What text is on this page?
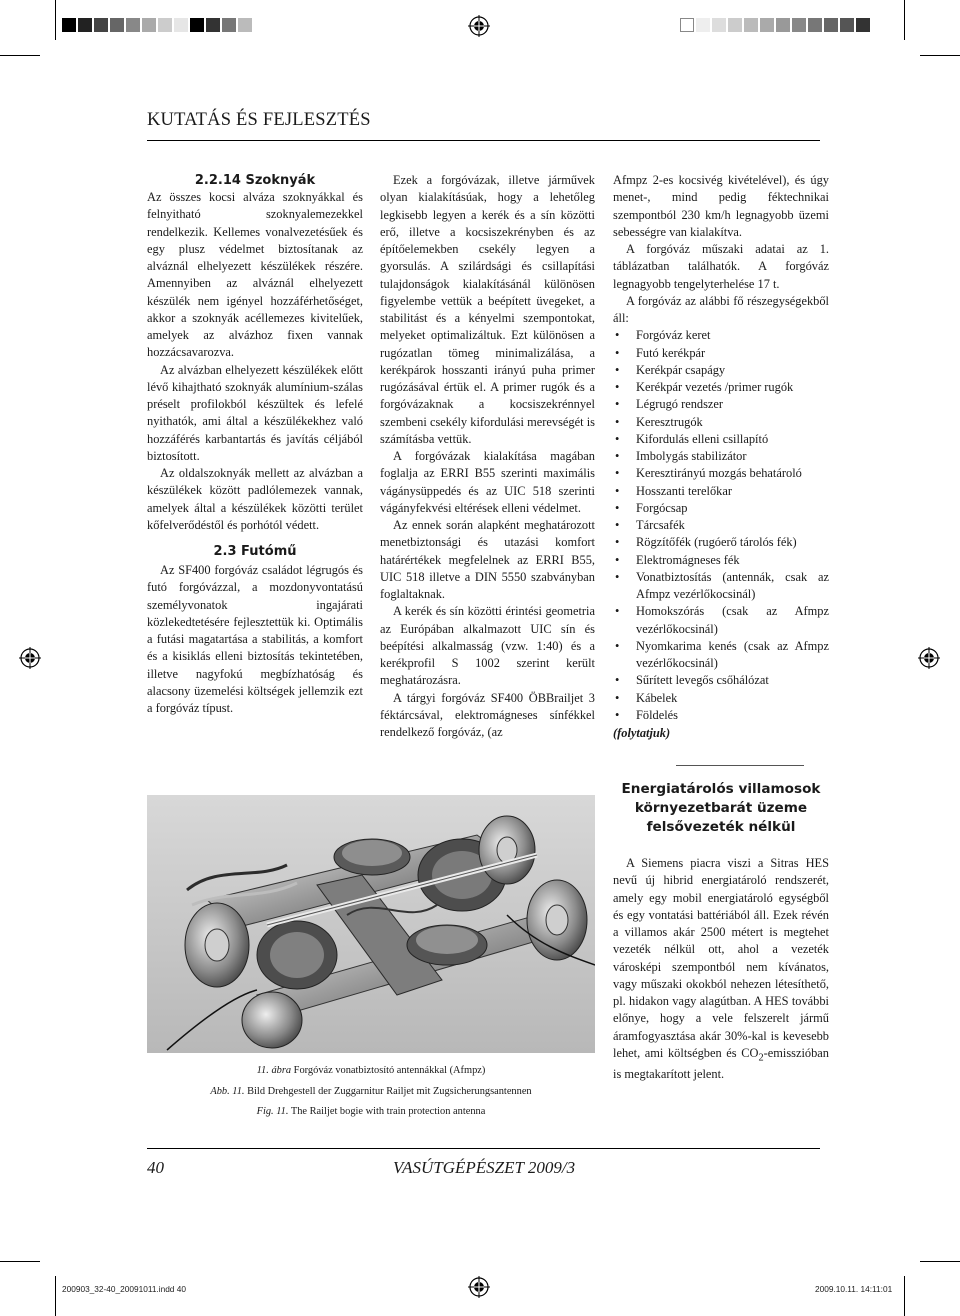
KUTATÁS ÉS FEJLESZTÉS
2.2.14 Szoknyák

Az összes kocsi alváza szoknyákkal és felnyitható szoknyalemezekkel rendelkezik. Kellemes vonalvezetésűek és egy plusz védelmet biztosítanak az alváznál elhelyezett készülékek részére. Amennyiben az alváznál elhelyezett készülék nem igényel hozzáférhetőséget, akkor a szoknyák acéllemezes kivitelűek, amelyek az alvázhoz fixen vannak hozzácsavarozva.

Az alvázban elhelyezett készülékek előtt lévő kihajtható szoknyák alumínium-szálas préselt profilokból készültek és lefelé nyithatók, ami által a készülékekhez való hozzáférés karbantartás és javítás céljából biztosított.

Az oldalszoknyák mellett az alvázban a készülékek között padlólemezek vannak, amelyek által a készülékek közötti terület kőfelverődéstől és porhótól védett.

2.3 Futómű

Az SF400 forgóváz családot légrugós és futó forgóvázzal, a mozdonyvontatású személyvonatok ingajárati közlekedtetésére fejlesztettük ki. Optimális a futási magatartása a stabilitás, a komfort és a kisiklás elleni biztosítás tekintetében, illetve nagyfokú megbízhatóság és alacsony üzemelési költségek jellemzik ezt a forgóváz típust.

Ezek a forgóvázak, illetve járművek olyan kialakításúak, hogy a lehetőleg legkisebb legyen a kerék és a sín közötti erő, illetve a kocsiszekrényben és az építőelemekben csekély legyen a gyorsulás. A szilárdsági és csillapítási tulajdonságok kialakításánál különösen figyelembe vettük a beépített üvegeket, a stabilitást és a kényelmi szempontokat, melyeket optimalizáltuk. Ezt különösen a rugózatlan tömeg minimalizálása, a kerékpárok hosszanti irányú puha primer rugózásával értük el. A primer rugók és a forgóvázaknak a kocsiszekrénnyel szembeni csekély kifordulási merevségét is számításba vettük.

A forgóvázak kialakítása magában foglalja az ERRI B55 szerinti maximális vágánysüppedés és az UIC 518 szerinti vágányfekvési eltérések elleni védelmet.

Az ennek során alapként meghatározott menetbiztonsági és utazási komfort határértékek megfelelnek az ERRI B55, UIC 518 illetve a DIN 5550 szabványban foglaltaknak.

A kerék és sín közötti érintési geometria az Európában alkalmazott UIC sín és beépítési alkalmasság (vzw. 1:40) és a kerékprofil S 1002 szerint került meghatározásra.

A tárgyi forgóváz SF400 ÖBBrailjet 3 féktárcsával, elektromágneses sínfékkel rendelkező forgóváz, (az

Afmpz 2-es kocsivég kivételével), és úgy menet-, mind pedig féktechnikai szempontból 230 km/h legnagyobb üzemi sebességre van kialakítva.

A forgóváz műszaki adatai az 1. táblázatban találhatók. A forgóváz legnagyobb tengelyterhelése 17 t.

A forgóváz az alábbi fő részegységekből áll:

• Forgóváz keret
• Futó kerékpár
• Kerékpár csapágy
• Kerékpár vezetés /primer rugók
• Légrugó rendszer
• Keresztrugók
• Kifordulás elleni csillapító
• Imbolygás stabilizátor
• Keresztirányú mozgás behatároló
• Hosszanti terelőkar
• Forgócsap
• Tárcsafék
• Rögzítőfék (rugóerő tárolós fék)
• Elektromágneses fék
• Vonatbiztosítás (antennák, csak az Afmpz vezérlőkocsinál)
• Homokszórás (csak az Afmpz vezérlőkocsinál)
• Nyomkarima kenés (csak az Afmpz vezérlőkocsinál)
• Sűrített levegős csőhálózat
• Kábelek
• Földelés
(folytatjuk)
Energiatárolós villamosok környezetbarát üzeme felsővezeték nélkül

A Siemens piacra viszi a Sitras HES nevű új hibrid energiatároló rendszerét, amely egy mobil energiatároló egységből és egy vontatási battériából áll. Ezek révén a villamos akár 2500 métert is megtehet vezeték nélkül ott, ahol a vezeték városképi szempontból nem kívánatos, vagy műszaki okokból nehezen létesíthető, pl. hidakon vagy alagútban. A HES további előnye, hogy a vele felszerelt jármű áramfogyasztása akár 30%-kal is kevesebb lehet, ami költségben és $CO_2$-emisszióban is megtakarított jelent.

11. ábra Forgóváz vonatbiztosító antennákkal (Afmpz)
Abb. 11. Bild Drehgestell der Zuggarnitur Railjet mit Zugsicherungsantennen
Fig. 11. The Railjet bogie with train protection antenna
40	VASÚTGÉPÉSZET 2009/3
200903_32-40_20091011.indd 40	2009.10.11. 14:11:01
